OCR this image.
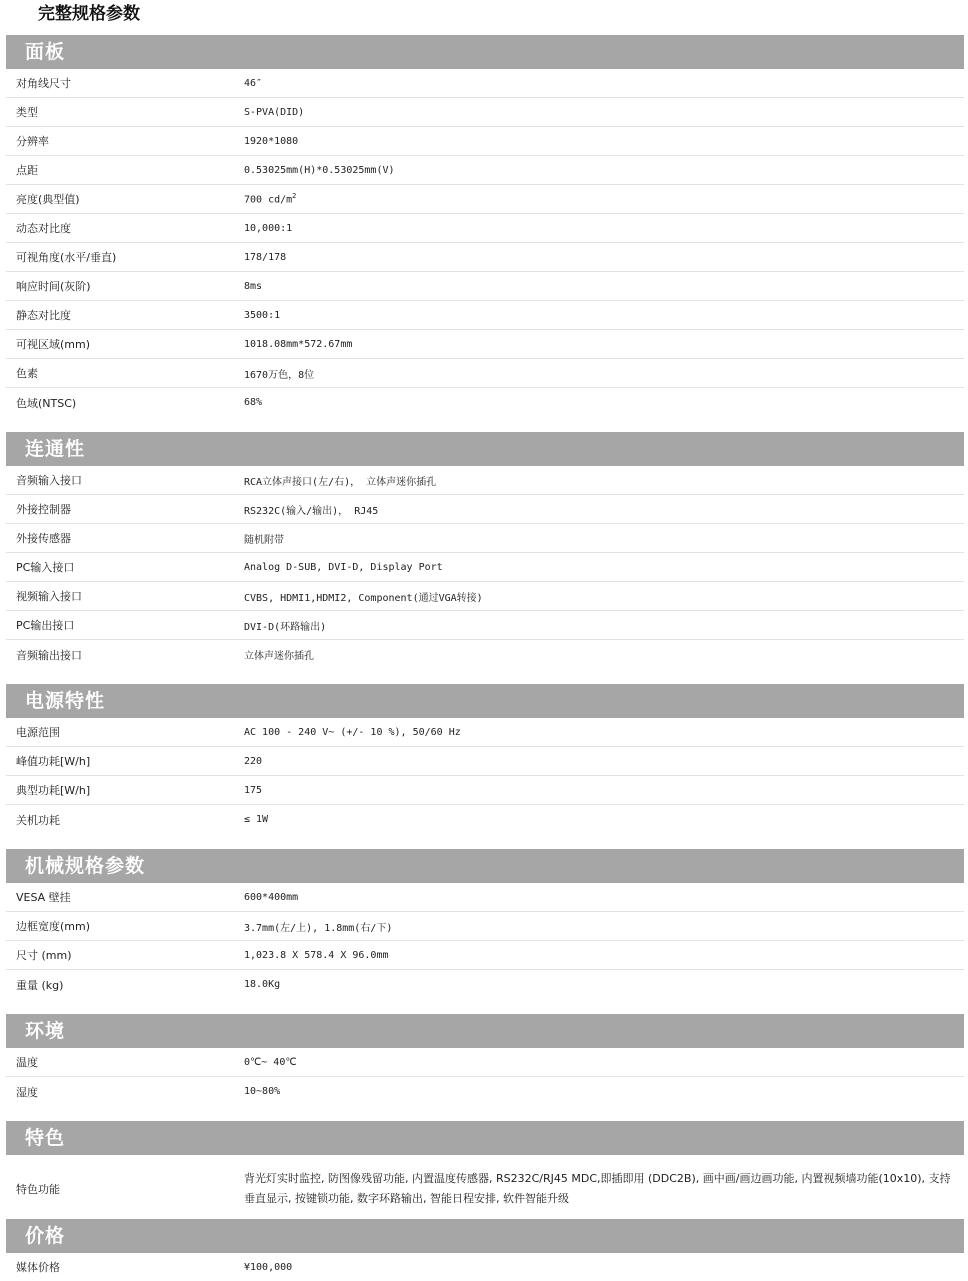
完整规格参数
面板
对角线尺寸	46″
类型	S-PVA(DID)
分辨率	1920*1080
点距	0.53025mm(H)*0.53025mm(V)
亮度(典型值)	700 $cd/m^2$
动态对比度	10,000:1
可视角度(水平/垂直)	178/178
响应时间(灰阶)	8ms
静态对比度	3500:1
可视区域(mm)	1018.08mm*572.67mm
色素	1670万色，8位
色域(NTSC)	68%
连通性
音频输入接口	RCA立体声接口(左/右)， 立体声迷你插孔
外接控制器	RS232C(输入/输出)， RJ45
外接传感器	随机附带
PC输入接口	Analog D-SUB, DVI-D, Display Port
视频输入接口	CVBS, HDMI1,HDMI2, Component(通过VGA转接)
PC输出接口	DVI-D(环路输出)
音频输出接口	立体声迷你插孔
电源特性
电源范围	AC 100 - 240 V~ (+/- 10 %), 50/60 Hz
峰值功耗[W/h]	220
典型功耗[W/h]	175
关机功耗	≤ 1W
机械规格参数
VESA 壁挂	600*400mm
边框宽度(mm)	3.7mm(左/上), 1.8mm(右/下)
尺寸 (mm)	1,023.8 X 578.4 X 96.0mm
重量 (kg)	18.0Kg
环境
温度	0℃~ 40℃
湿度	10~80%
特色
特色功能
背光灯实时监控, 防图像残留功能, 内置温度传感器, RS232C/RJ45 MDC,即插即用 (DDC2B), 画中画/画边画功能, 内置视频墙功能(10x10), 支持垂直显示, 按键锁功能, 数字环路输出, 智能日程安排, 软件智能升级
价格
媒体价格	¥100,000
